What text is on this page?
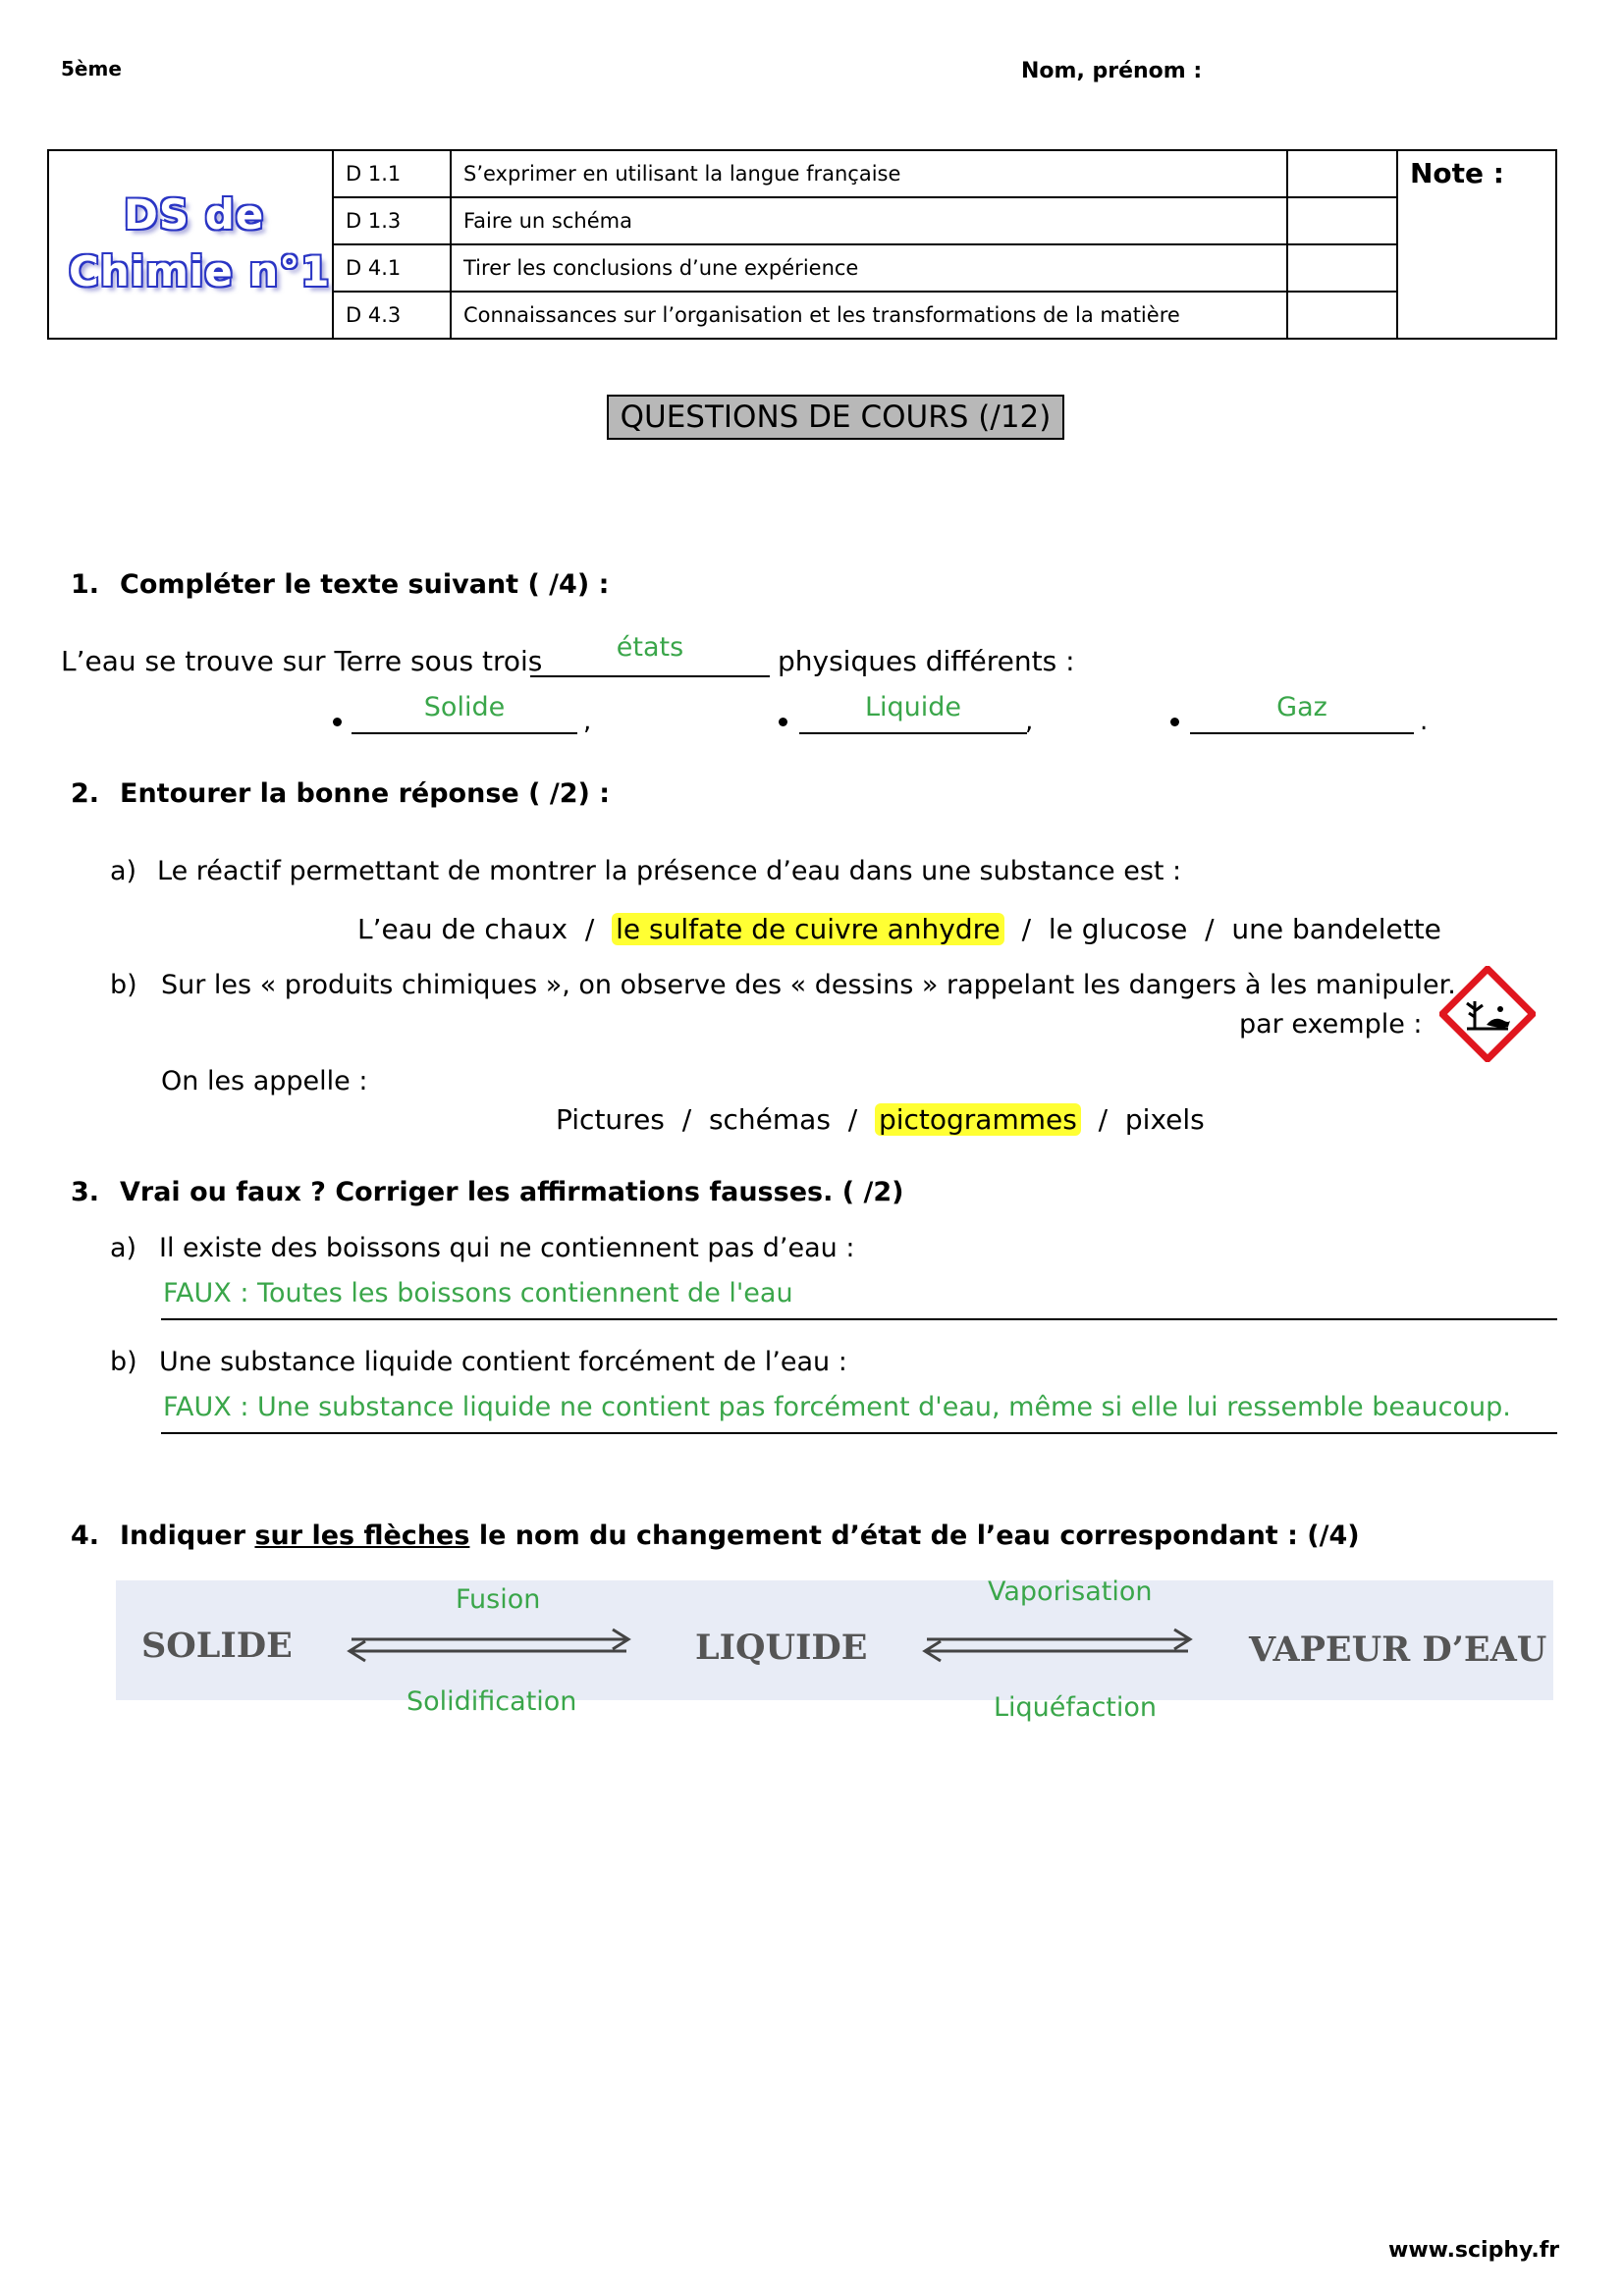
5ème	Nom, prénom :
DS de
Chimie n°1	D 1.1	S’exprimer en utilisant la langue française		Note :
	D 1.3	Faire un schéma		
	D 4.1	Tirer les conclusions d’une expérience		
	D 4.3	Connaissances sur l’organisation et les transformations de la matière		
QUESTIONS DE COURS (/12)
1. Compléter le texte suivant ( /4) :
L’eau se trouve sur Terre sous trois	états	physiques différents :
Solide	,	Liquide	,	Gaz	.
2. Entourer la bonne réponse ( /2) :
a) Le réactif permettant de montrer la présence d’eau dans une substance est :
L’eau de chaux  /  le sulfate de cuivre anhydre  /  le glucose  /  une bandelette
b) Sur les « produits chimiques », on observe des « dessins » rappelant les dangers à les manipuler.
par exemple :
On les appelle :
Pictures  /  schémas  /  pictogrammes  /  pixels
3. Vrai ou faux ? Corriger les affirmations fausses. ( /2)
a) Il existe des boissons qui ne contiennent pas d’eau :
FAUX : Toutes les boissons contiennent de l'eau
b) Une substance liquide contient forcément de l’eau :
FAUX : Une substance liquide ne contient pas forcément d'eau, même si elle lui ressemble beaucoup.
4. Indiquer sur les flèches le nom du changement d’état de l’eau correspondant : (/4)
SOLIDE	LIQUIDE	VAPEUR D’EAU
Fusion
Solidification
Vaporisation
Liquéfaction
www.sciphy.fr
